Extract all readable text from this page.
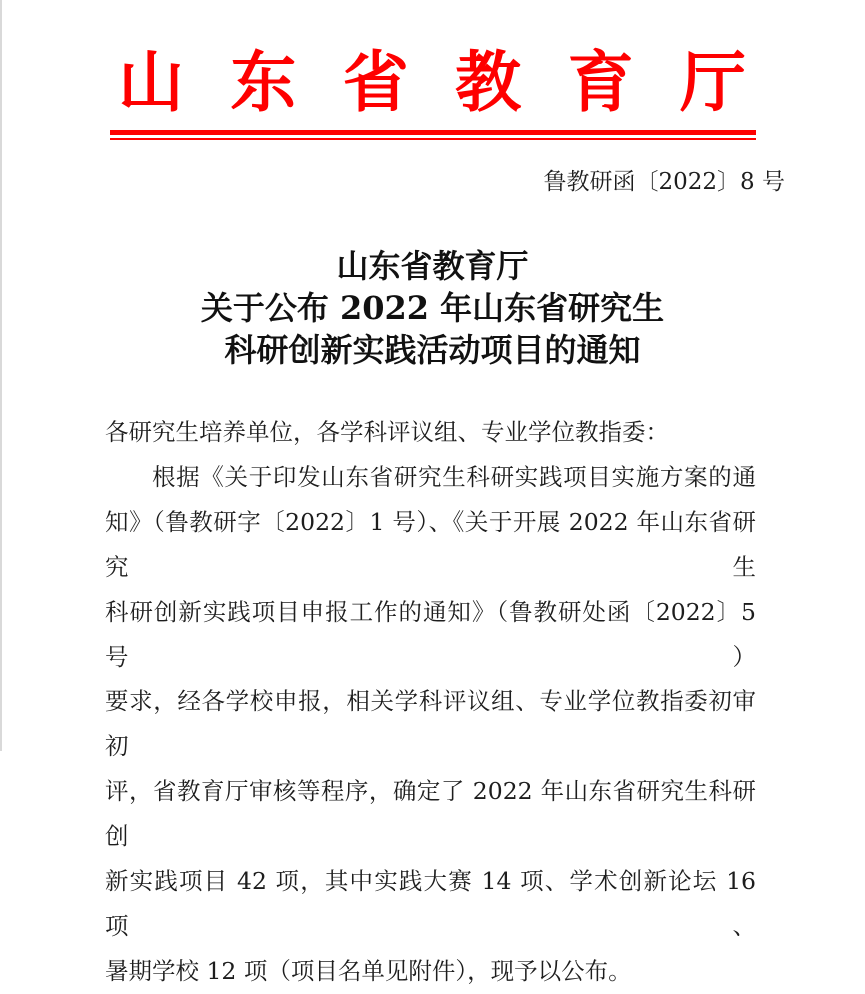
山 东 省 教 育 厅
鲁教研函〔2022〕8 号
山东省教育厅
关于公布 2022 年山东省研究生
科研创新实践活动项目的通知
各研究生培养单位，各学科评议组、专业学位教指委：
根据《关于印发山东省研究生科研实践项目实施方案的通
知》（鲁教研字〔2022〕1 号）、《关于开展 2022 年山东省研究生
科研创新实践项目申报工作的通知》（鲁教研处函〔2022〕5 号）
要求，经各学校申报，相关学科评议组、专业学位教指委初审初
评，省教育厅审核等程序，确定了 2022 年山东省研究生科研创
新实践项目 42 项，其中实践大赛 14 项、学术创新论坛 16 项、
暑期学校 12 项（项目名单见附件），现予以公布。
